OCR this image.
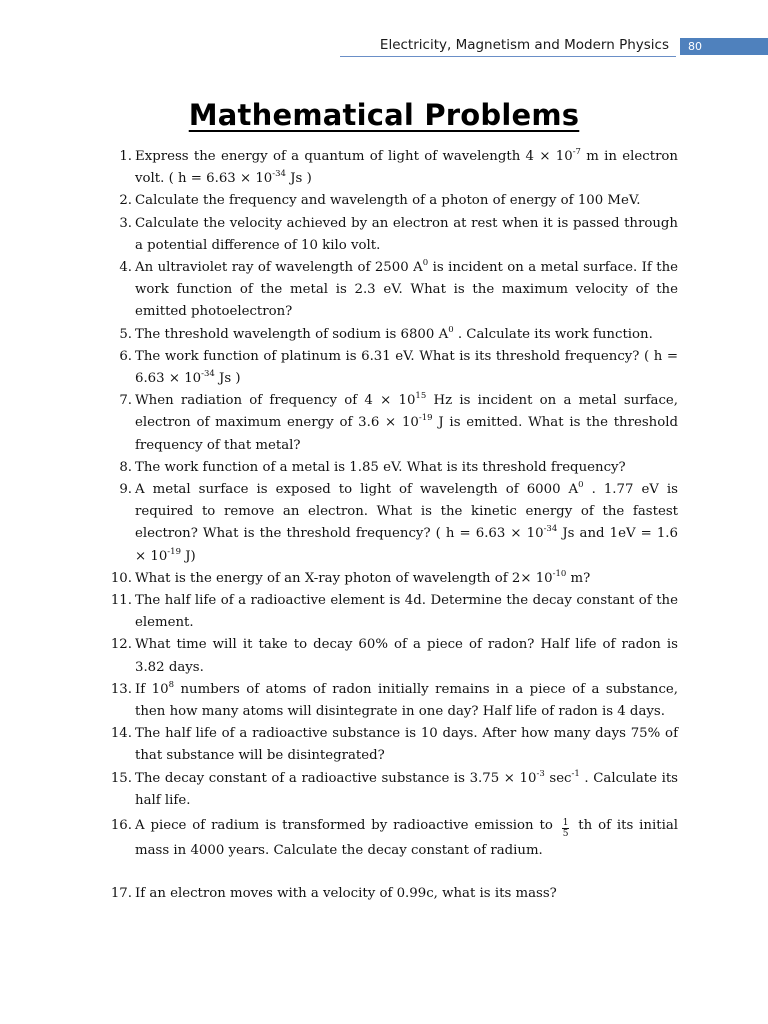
Electricity, Magnetism and Modern Physics	80
Mathematical Problems
1. Express the energy of a quantum of light of wavelength $4 \times 10^{-7}$ m in electron volt. ( $h = 6.63 \times 10^{-34}$ Js )
2. Calculate the frequency and wavelength of a photon of energy of 100 MeV.
3. Calculate the velocity achieved by an electron at rest when it is passed through a potential difference of 10 kilo volt.
4. An ultraviolet ray of wavelength of 2500 $A^0$ is incident on a metal surface. If the work function of the metal is 2.3 eV. What is the maximum velocity of the emitted photoelectron?
5. The threshold wavelength of sodium is 6800 $A^0$ . Calculate its work function.
6. The work function of platinum is 6.31 eV. What is its threshold frequency? ( $h = 6.63 \times 10^{-34}$ Js )
7. When radiation of frequency of $4 \times 10^{15}$ Hz is incident on a metal surface, electron of maximum energy of $3.6 \times 10^{-19}$ J is emitted. What is the threshold frequency of that metal?
8. The work function of a metal is 1.85 eV. What is its threshold frequency?
9. A metal surface is exposed to light of wavelength of 6000 $A^0$ . 1.77 eV is required to remove an electron. What is the kinetic energy of the fastest electron? What is the threshold frequency? ( $h = 6.63 \times 10^{-34}$ Js and $1eV = 1.6 \times 10^{-19}$ J)
10. What is the energy of an X-ray photon of wavelength of $2\times 10^{-10}$ m?
11. The half life of a radioactive element is 4d. Determine the decay constant of the element.
12. What time will it take to decay 60% of a piece of radon? Half life of radon is 3.82 days.
13. If $10^8$ numbers of atoms of radon initially remains in a piece of a substance, then how many atoms will disintegrate in one day? Half life of radon is 4 days.
14. The half life of a radioactive substance is 10 days. After how many days 75% of that substance will be disintegrated?
15. The decay constant of a radioactive substance is $3.75 \times 10^{-3}$ $\sec^{-1}$ . Calculate its half life.
16. A piece of radium is transformed by radioactive emission to $\frac{1}{5}$ th of its initial mass in 4000 years. Calculate the decay constant of radium.
17. If an electron moves with a velocity of 0.99c, what is its mass?
